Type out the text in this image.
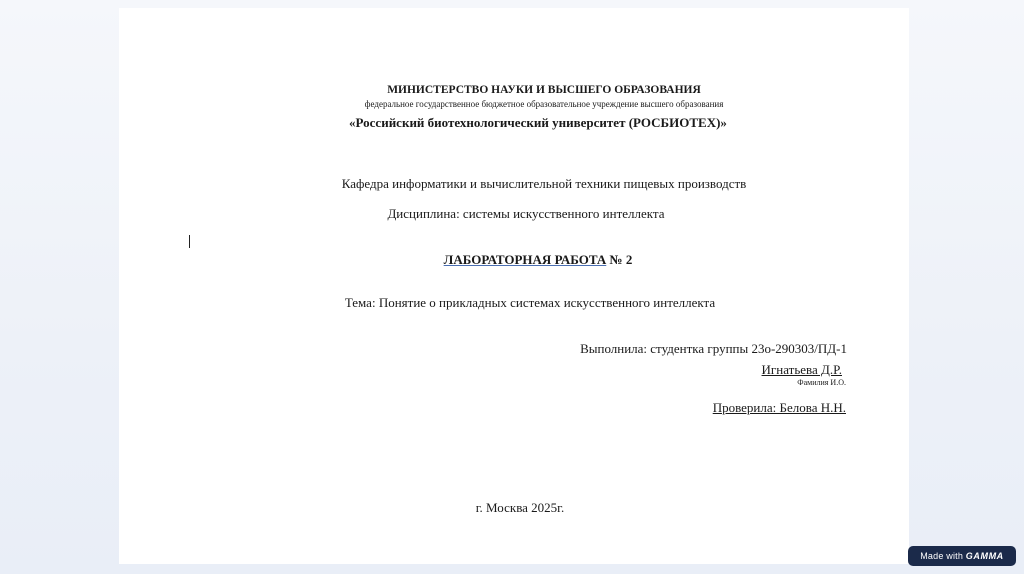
МИНИСТЕРСТВО НАУКИ И ВЫСШЕГО ОБРАЗОВАНИЯ
федеральное государственное бюджетное образовательное учреждение высшего образования
«Российский биотехнологический университет (РОСБИОТЕХ)»
Кафедра информатики и вычислительной техники пищевых производств
Дисциплина: системы искусственного интеллекта
ЛАБОРАТОРНАЯ РАБОТА № 2
Тема: Понятие о прикладных системах искусственного интеллекта
Выполнила: студентка группы 23о-290303/ПД-1
Игнатьева Д.Р.
Фамилия И.О.
Проверила: Белова Н.Н.
г. Москва 2025г.
Made with GAMMA
